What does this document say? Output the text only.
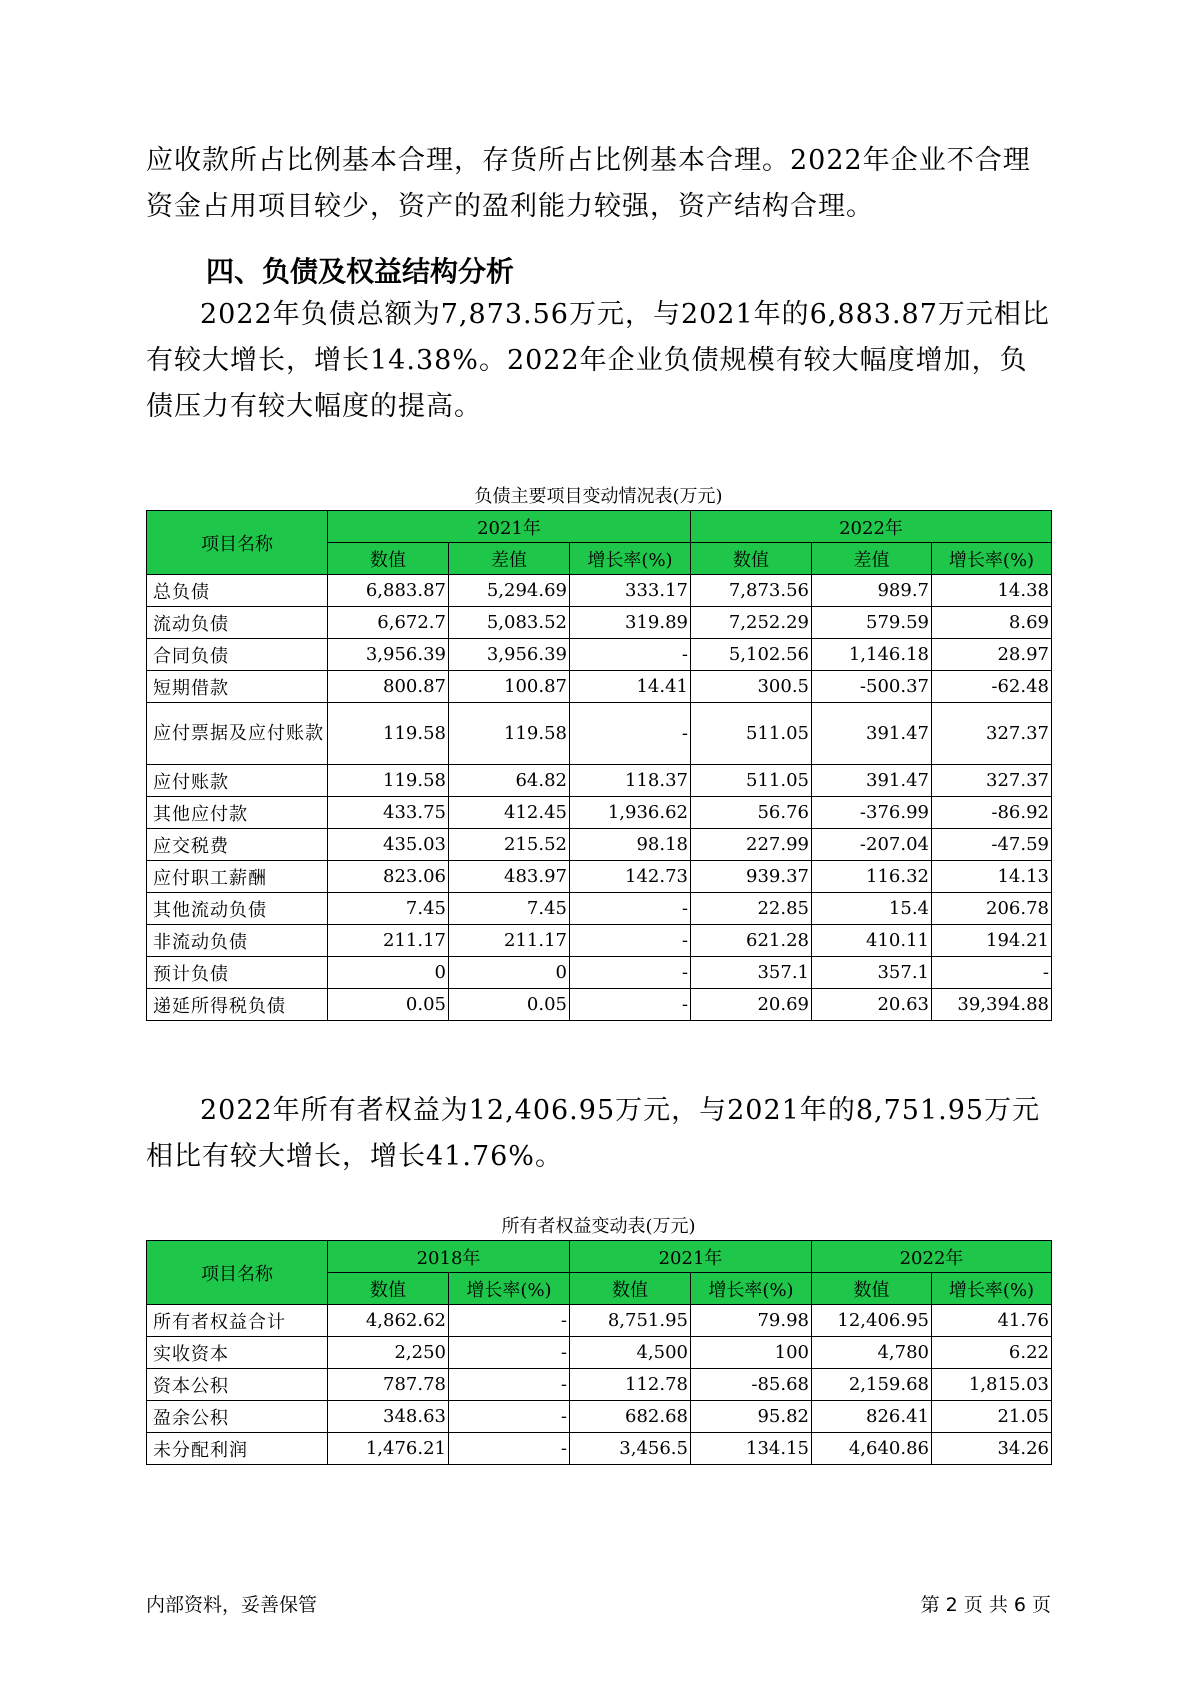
应收款所占比例基本合理，存货所占比例基本合理。2022年企业不合理资金占用项目较少，资产的盈利能力较强，资产结构合理。

四、负债及权益结构分析

2022年负债总额为7,873.56万元，与2021年的6,883.87万元相比有较大增长，增长14.38%。2022年企业负债规模有较大幅度增加，负债压力有较大幅度的提高。

负债主要项目变动情况表(万元)
项目名称	2021年			2022年		
	数值	差值	增长率(%)	数值	差值	增长率(%)
总负债	6,883.87	5,294.69	333.17	7,873.56	989.7	14.38
流动负债	6,672.7	5,083.52	319.89	7,252.29	579.59	8.69
合同负债	3,956.39	3,956.39	-	5,102.56	1,146.18	28.97
短期借款	800.87	100.87	14.41	300.5	-500.37	-62.48
应付票据及应付账款	119.58	119.58	-	511.05	391.47	327.37
应付账款	119.58	64.82	118.37	511.05	391.47	327.37
其他应付款	433.75	412.45	1,936.62	56.76	-376.99	-86.92
应交税费	435.03	215.52	98.18	227.99	-207.04	-47.59
应付职工薪酬	823.06	483.97	142.73	939.37	116.32	14.13
其他流动负债	7.45	7.45	-	22.85	15.4	206.78
非流动负债	211.17	211.17	-	621.28	410.11	194.21
预计负债	0	0	-	357.1	357.1	-
递延所得税负债	0.05	0.05	-	20.69	20.63	39,394.88

2022年所有者权益为12,406.95万元，与2021年的8,751.95万元相比有较大增长，增长41.76%。

所有者权益变动表(万元)
项目名称	2018年		2021年		2022年	
	数值	增长率(%)	数值	增长率(%)	数值	增长率(%)
所有者权益合计	4,862.62	-	8,751.95	79.98	12,406.95	41.76
实收资本	2,250	-	4,500	100	4,780	6.22
资本公积	787.78	-	112.78	-85.68	2,159.68	1,815.03
盈余公积	348.63	-	682.68	95.82	826.41	21.05
未分配利润	1,476.21	-	3,456.5	134.15	4,640.86	34.26
内部资料，妥善保管	第 2 页 共 6 页
